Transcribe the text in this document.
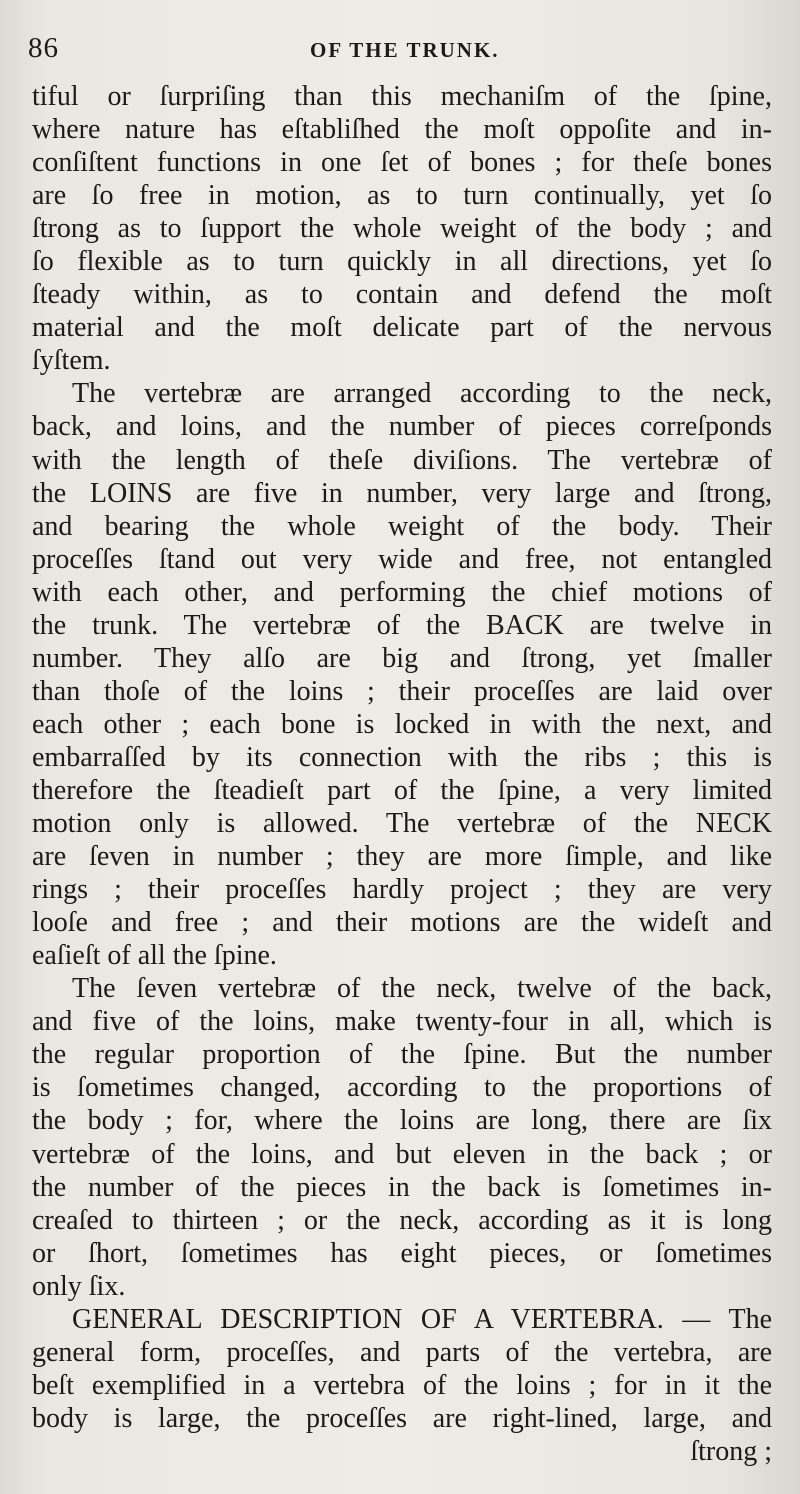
86	OF THE TRUNK.
tiful or ſurpriſing than this mechaniſm of the ſpine,
where nature has eſtabliſhed the moſt oppoſite and in-
conſiſtent functions in one ſet of bones ; for theſe bones
are ſo free in motion, as to turn continually, yet ſo
ſtrong as to ſupport the whole weight of the body ; and
ſo flexible as to turn quickly in all directions, yet ſo
ſteady within, as to contain and defend the moſt
material and the moſt delicate part of the nervous
ſyſtem.
The vertebræ are arranged according to the neck,
back, and loins, and the number of pieces correſponds
with the length of theſe diviſions. The vertebræ of
the LOINS are five in number, very large and ſtrong,
and bearing the whole weight of the body. Their
proceſſes ſtand out very wide and free, not entangled
with each other, and performing the chief motions of
the trunk. The vertebræ of the BACK are twelve in
number. They alſo are big and ſtrong, yet ſmaller
than thoſe of the loins ; their proceſſes are laid over
each other ; each bone is locked in with the next, and
embarraſſed by its connection with the ribs ; this is
therefore the ſteadieſt part of the ſpine, a very limited
motion only is allowed. The vertebræ of the NECK
are ſeven in number ; they are more ſimple, and like
rings ; their proceſſes hardly project ; they are very
looſe and free ; and their motions are the wideſt and
eaſieſt of all the ſpine.
The ſeven vertebræ of the neck, twelve of the back,
and five of the loins, make twenty-four in all, which is
the regular proportion of the ſpine. But the number
is ſometimes changed, according to the proportions of
the body ; for, where the loins are long, there are ſix
vertebræ of the loins, and but eleven in the back ; or
the number of the pieces in the back is ſometimes in-
creaſed to thirteen ; or the neck, according as it is long
or ſhort, ſometimes has eight pieces, or ſometimes
only ſix.
GENERAL DESCRIPTION OF A VERTEBRA. — The
general form, proceſſes, and parts of the vertebra, are
beſt exemplified in a vertebra of the loins ; for in it the
body is large, the proceſſes are right-lined, large, and
ſtrong ;
